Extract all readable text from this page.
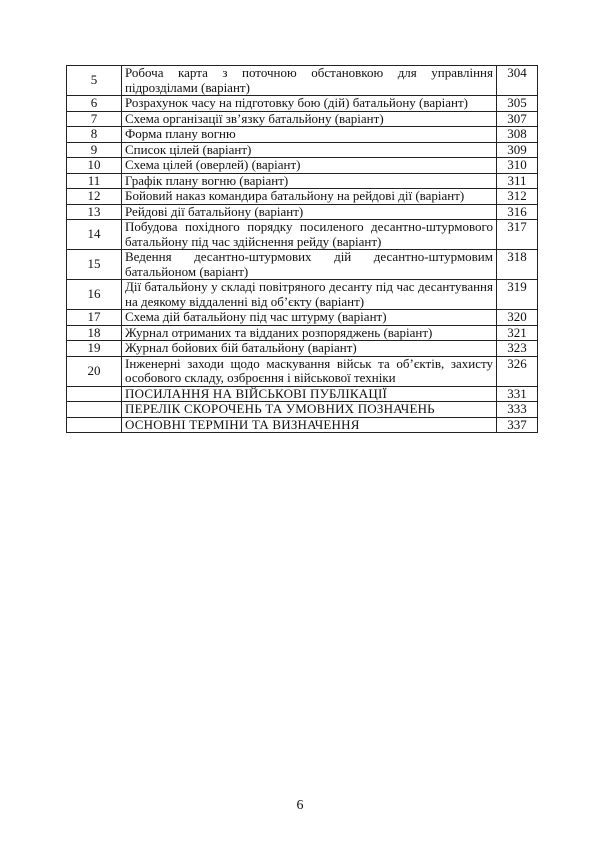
5	Робоча карта з поточною обстановкою для управління підрозділами (варіант)	304
6	Розрахунок часу на підготовку бою (дій) батальйону (варіант)	305
7	Схема організації зв’язку батальйону (варіант)	307
8	Форма плану вогню	308
9	Список цілей (варіант)	309
10	Схема цілей (оверлей) (варіант)	310
11	Графік плану вогню (варіант)	311
12	Бойовий наказ командира батальйону на рейдові дії (варіант)	312
13	Рейдові дії батальйону (варіант)	316
14	Побудова похідного порядку посиленого десантно-штурмового батальйону під час здійснення рейду (варіант)	317
15	Ведення десантно-штурмових дій десантно-штурмовим батальйоном (варіант)	318
16	Дії батальйону у складі повітряного десанту під час десантування на деякому віддаленні від об’єкту (варіант)	319
17	Схема дій батальйону під час штурму (варіант)	320
18	Журнал отриманих та відданих розпоряджень (варіант)	321
19	Журнал бойових бій батальйону (варіант)	323
20	Інженерні заходи щодо маскування військ та об’єктів, захисту особового складу, озброєння і військової техніки	326
	ПОСИЛАННЯ НА ВІЙСЬКОВІ ПУБЛІКАЦІЇ	331
	ПЕРЕЛІК СКОРОЧЕНЬ ТА УМОВНИХ ПОЗНАЧЕНЬ	333
	ОСНОВНІ ТЕРМІНИ ТА ВИЗНАЧЕННЯ	337
6
